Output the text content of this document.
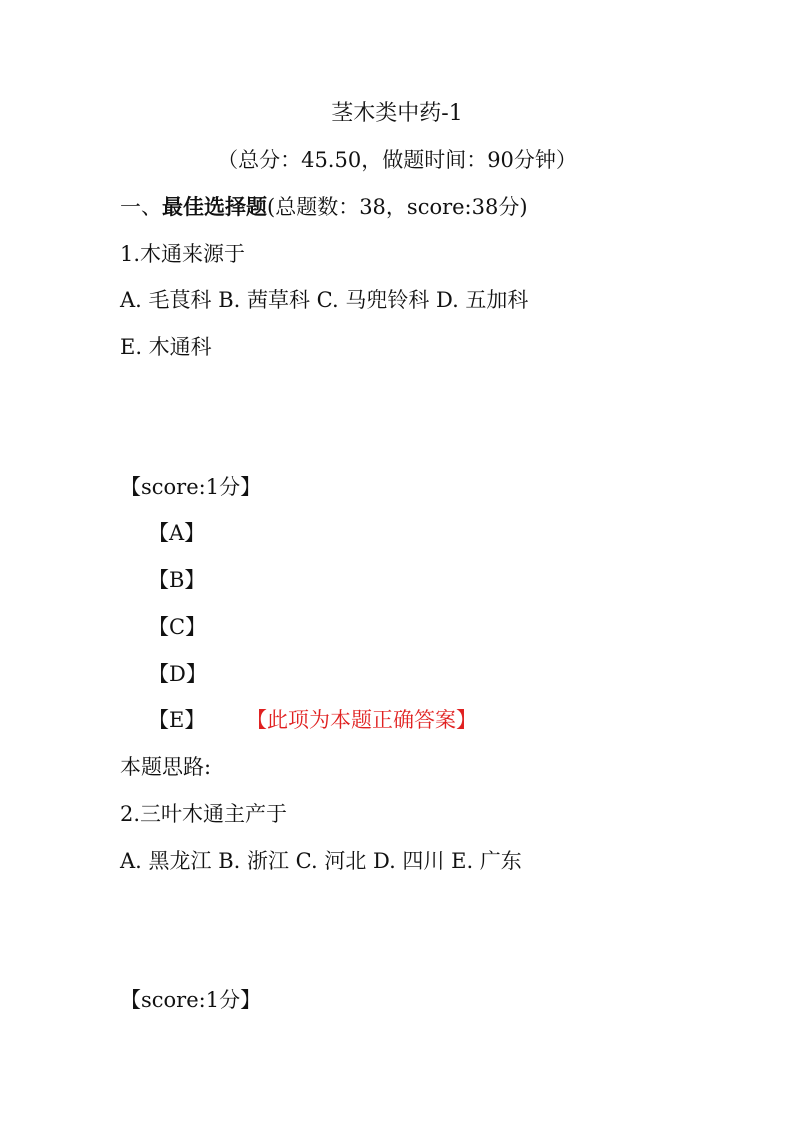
茎木类中药-1
（总分：45.50，做题时间：90分钟）
一、最佳选择题(总题数：38，score:38分)
1.木通来源于
A. 毛茛科 B. 茜草科 C. 马兜铃科 D. 五加科
E. 木通科
【score:1分】
【A】
【B】
【C】
【D】
【E】 【此项为本题正确答案】
本题思路:
2.三叶木通主产于
A. 黑龙江 B. 浙江 C. 河北 D. 四川 E. 广东
【score:1分】
